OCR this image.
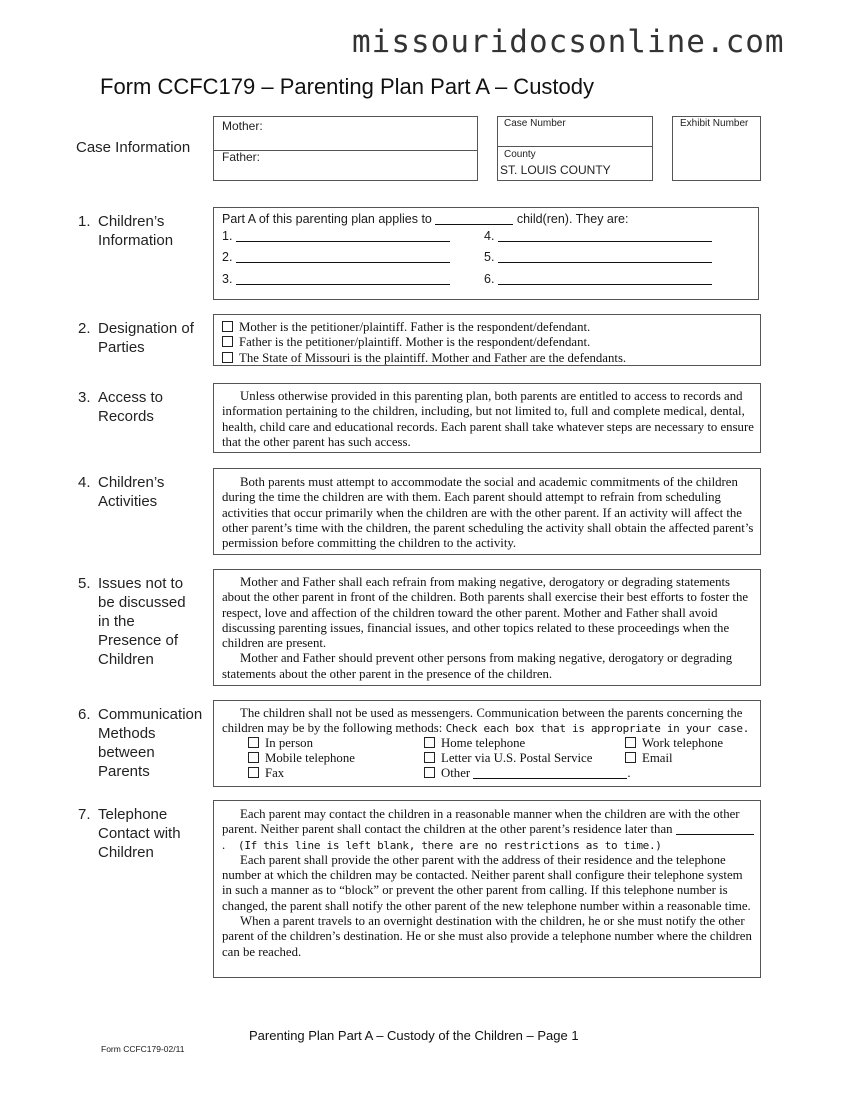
missouridocsonline.com
Form CCFC179 – Parenting Plan Part A – Custody
Case Information
Mother:
Father:
Case Number
County
ST. LOUIS COUNTY
Exhibit Number
1. Children’s
Information
2. Designation of
Parties
3. Access to
Records
4. Children’s
Activities
5. Issues not to
be discussed
in the
Presence of
Children
6. Communication
Methods
between
Parents
7. Telephone
Contact with
Children
Part A of this parenting plan applies to	child(ren). They are:
1.
2.
3.
4.
5.
6.
Mother is the petitioner/plaintiff. Father is the respondent/defendant.
Father is the petitioner/plaintiff. Mother is the respondent/defendant.
The State of Missouri is the plaintiff. Mother and Father are the defendants.

Unless otherwise provided in this parenting plan, both parents are entitled to access to records and information pertaining to the children, including, but not limited to, full and complete medical, dental, health, child care and educational records. Each parent shall take whatever steps are necessary to ensure that the other parent has such access.

Both parents must attempt to accommodate the social and academic commitments of the children during the time the children are with them. Each parent should attempt to refrain from scheduling activities that occur primarily when the children are with the other parent. If an activity will affect the other parent’s time with the children, the parent scheduling the activity shall obtain the affected parent’s permission before committing the children to the activity.

Mother and Father shall each refrain from making negative, derogatory or degrading statements about the other parent in front of the children. Both parents shall exercise their best efforts to foster the respect, love and affection of the children toward the other parent. Mother and Father shall avoid discussing parenting issues, financial issues, and other topics related to these proceedings when the children are present.

Mother and Father should prevent other persons from making negative, derogatory or degrading statements about the other parent in the presence of the children.

The children shall not be used as messengers. Communication between the parents concerning the children may be by the following methods: Check each box that is appropriate in your case.

In person	Home telephone	Work telephone
Mobile telephone	Letter via U.S. Postal Service	Email
Fax	Other	.

Each parent may contact the children in a reasonable manner when the children are with the other parent. Neither parent shall contact the children at the other parent’s residence later than . (If this line is left blank, there are no restrictions as to time.)

Each parent shall provide the other parent with the address of their residence and the telephone number at which the children may be contacted. Neither parent shall configure their telephone system in such a manner as to “block” or prevent the other parent from calling. If this telephone number is changed, the parent shall notify the other parent of the new telephone number within a reasonable time.

When a parent travels to an overnight destination with the children, he or she must notify the other parent of the children’s destination. He or she must also provide a telephone number where the children can be reached.

Parenting Plan Part A – Custody of the Children – Page 1
Form CCFC179-02/11
